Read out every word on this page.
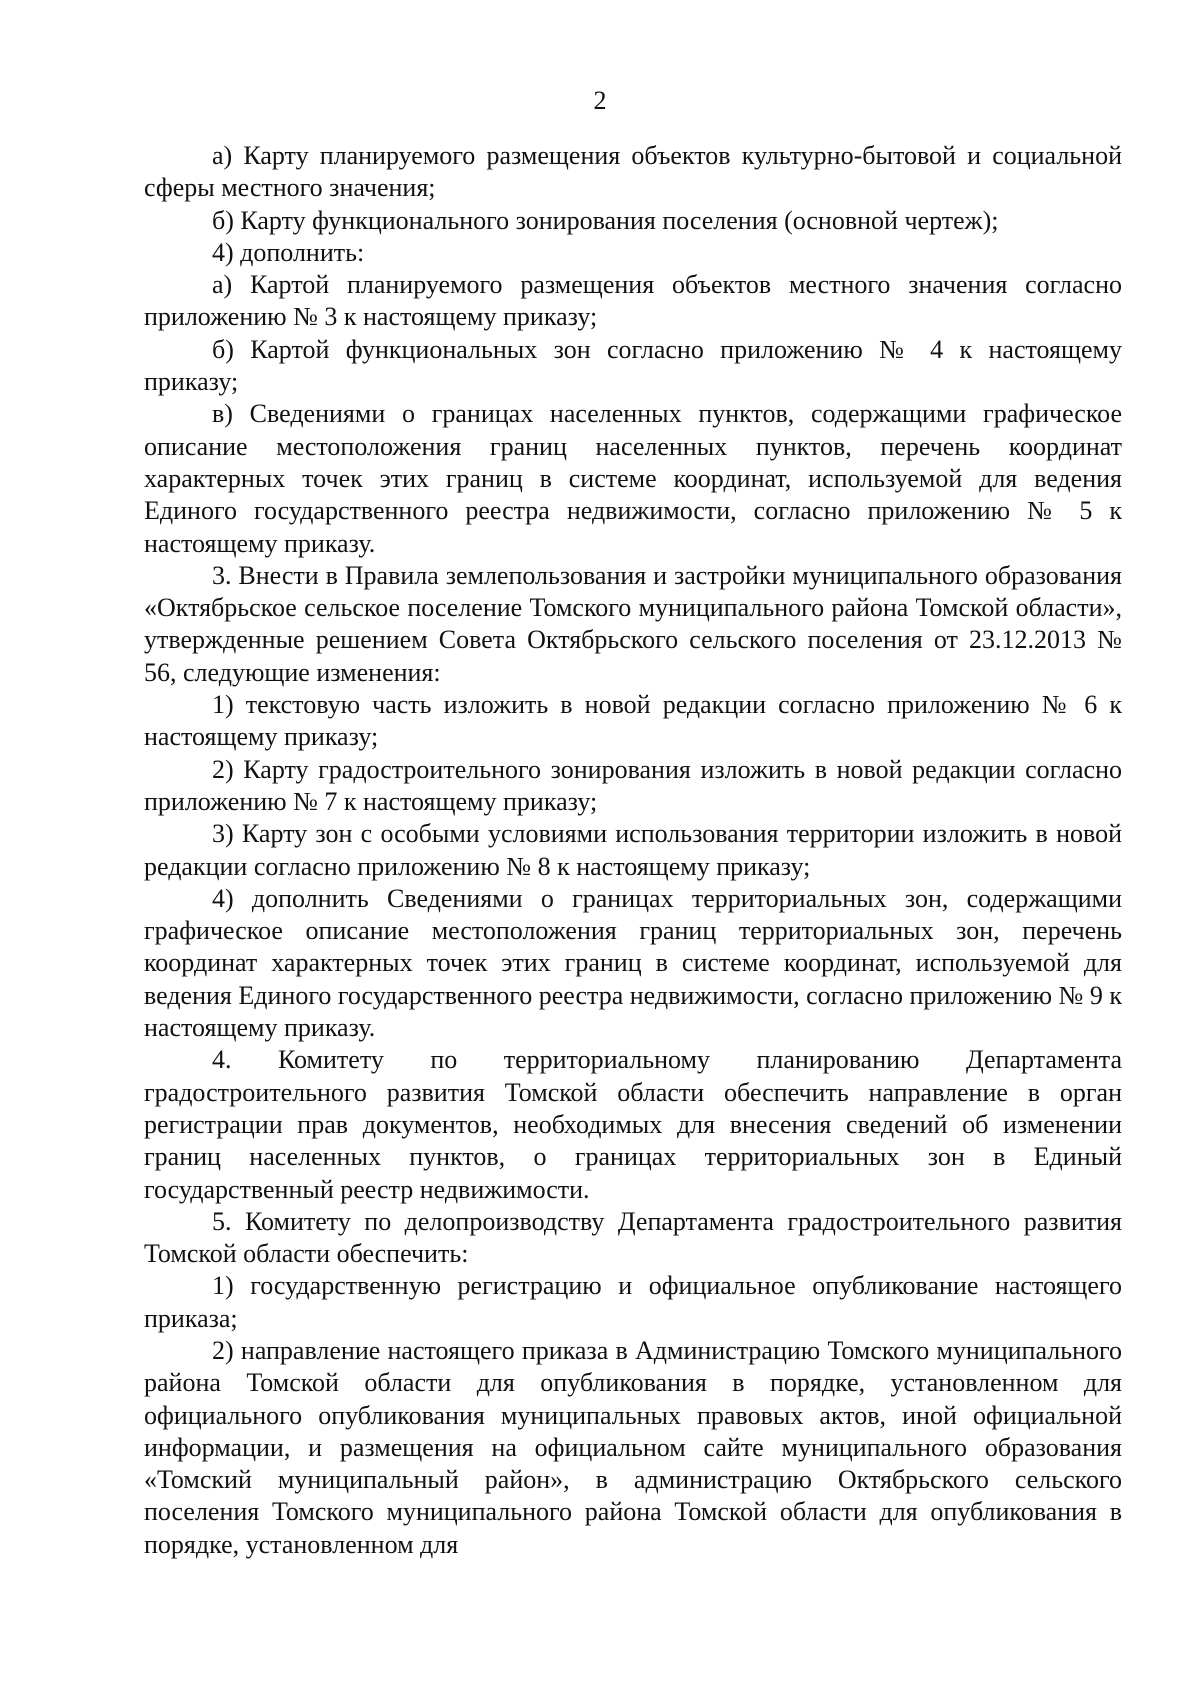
2

а) Карту планируемого размещения объектов культурно-бытовой и социальной сферы местного значения;

б) Карту функционального зонирования поселения (основной чертеж);

4) дополнить:

а) Картой планируемого размещения объектов местного значения согласно приложению № 3 к настоящему приказу;

б) Картой функциональных зон согласно приложению № 4 к настоящему приказу;

в) Сведениями о границах населенных пунктов, содержащими графическое описание местоположения границ населенных пунктов, перечень координат характерных точек этих границ в системе координат, используемой для ведения Единого государственного реестра недвижимости, согласно приложению № 5 к настоящему приказу.

3. Внести в Правила землепользования и застройки муниципального образования «Октябрьское сельское поселение Томского муниципального района Томской области», утвержденные решением Совета Октябрьского сельского поселения от 23.12.2013 № 56, следующие изменения:

1) текстовую часть изложить в новой редакции согласно приложению № 6 к настоящему приказу;

2) Карту градостроительного зонирования изложить в новой редакции согласно приложению № 7 к настоящему приказу;

3) Карту зон с особыми условиями использования территории изложить в новой редакции согласно приложению № 8 к настоящему приказу;

4) дополнить Сведениями о границах территориальных зон, содержащими графическое описание местоположения границ территориальных зон, перечень координат характерных точек этих границ в системе координат, используемой для ведения Единого государственного реестра недвижимости, согласно приложению № 9 к настоящему приказу.

4. Комитету по территориальному планированию Департамента градостроительного развития Томской области обеспечить направление в орган регистрации прав документов, необходимых для внесения сведений об изменении границ населенных пунктов, о границах территориальных зон в Единый государственный реестр недвижимости.

5. Комитету по делопроизводству Департамента градостроительного развития Томской области обеспечить:

1) государственную регистрацию и официальное опубликование настоящего приказа;

2) направление настоящего приказа в Администрацию Томского муниципального района Томской области для опубликования в порядке, установленном для официального опубликования муниципальных правовых актов, иной официальной информации, и размещения на официальном сайте муниципального образования «Томский муниципальный район», в администрацию Октябрьского сельского поселения Томского муниципального района Томской области для опубликования в порядке, установленном для
